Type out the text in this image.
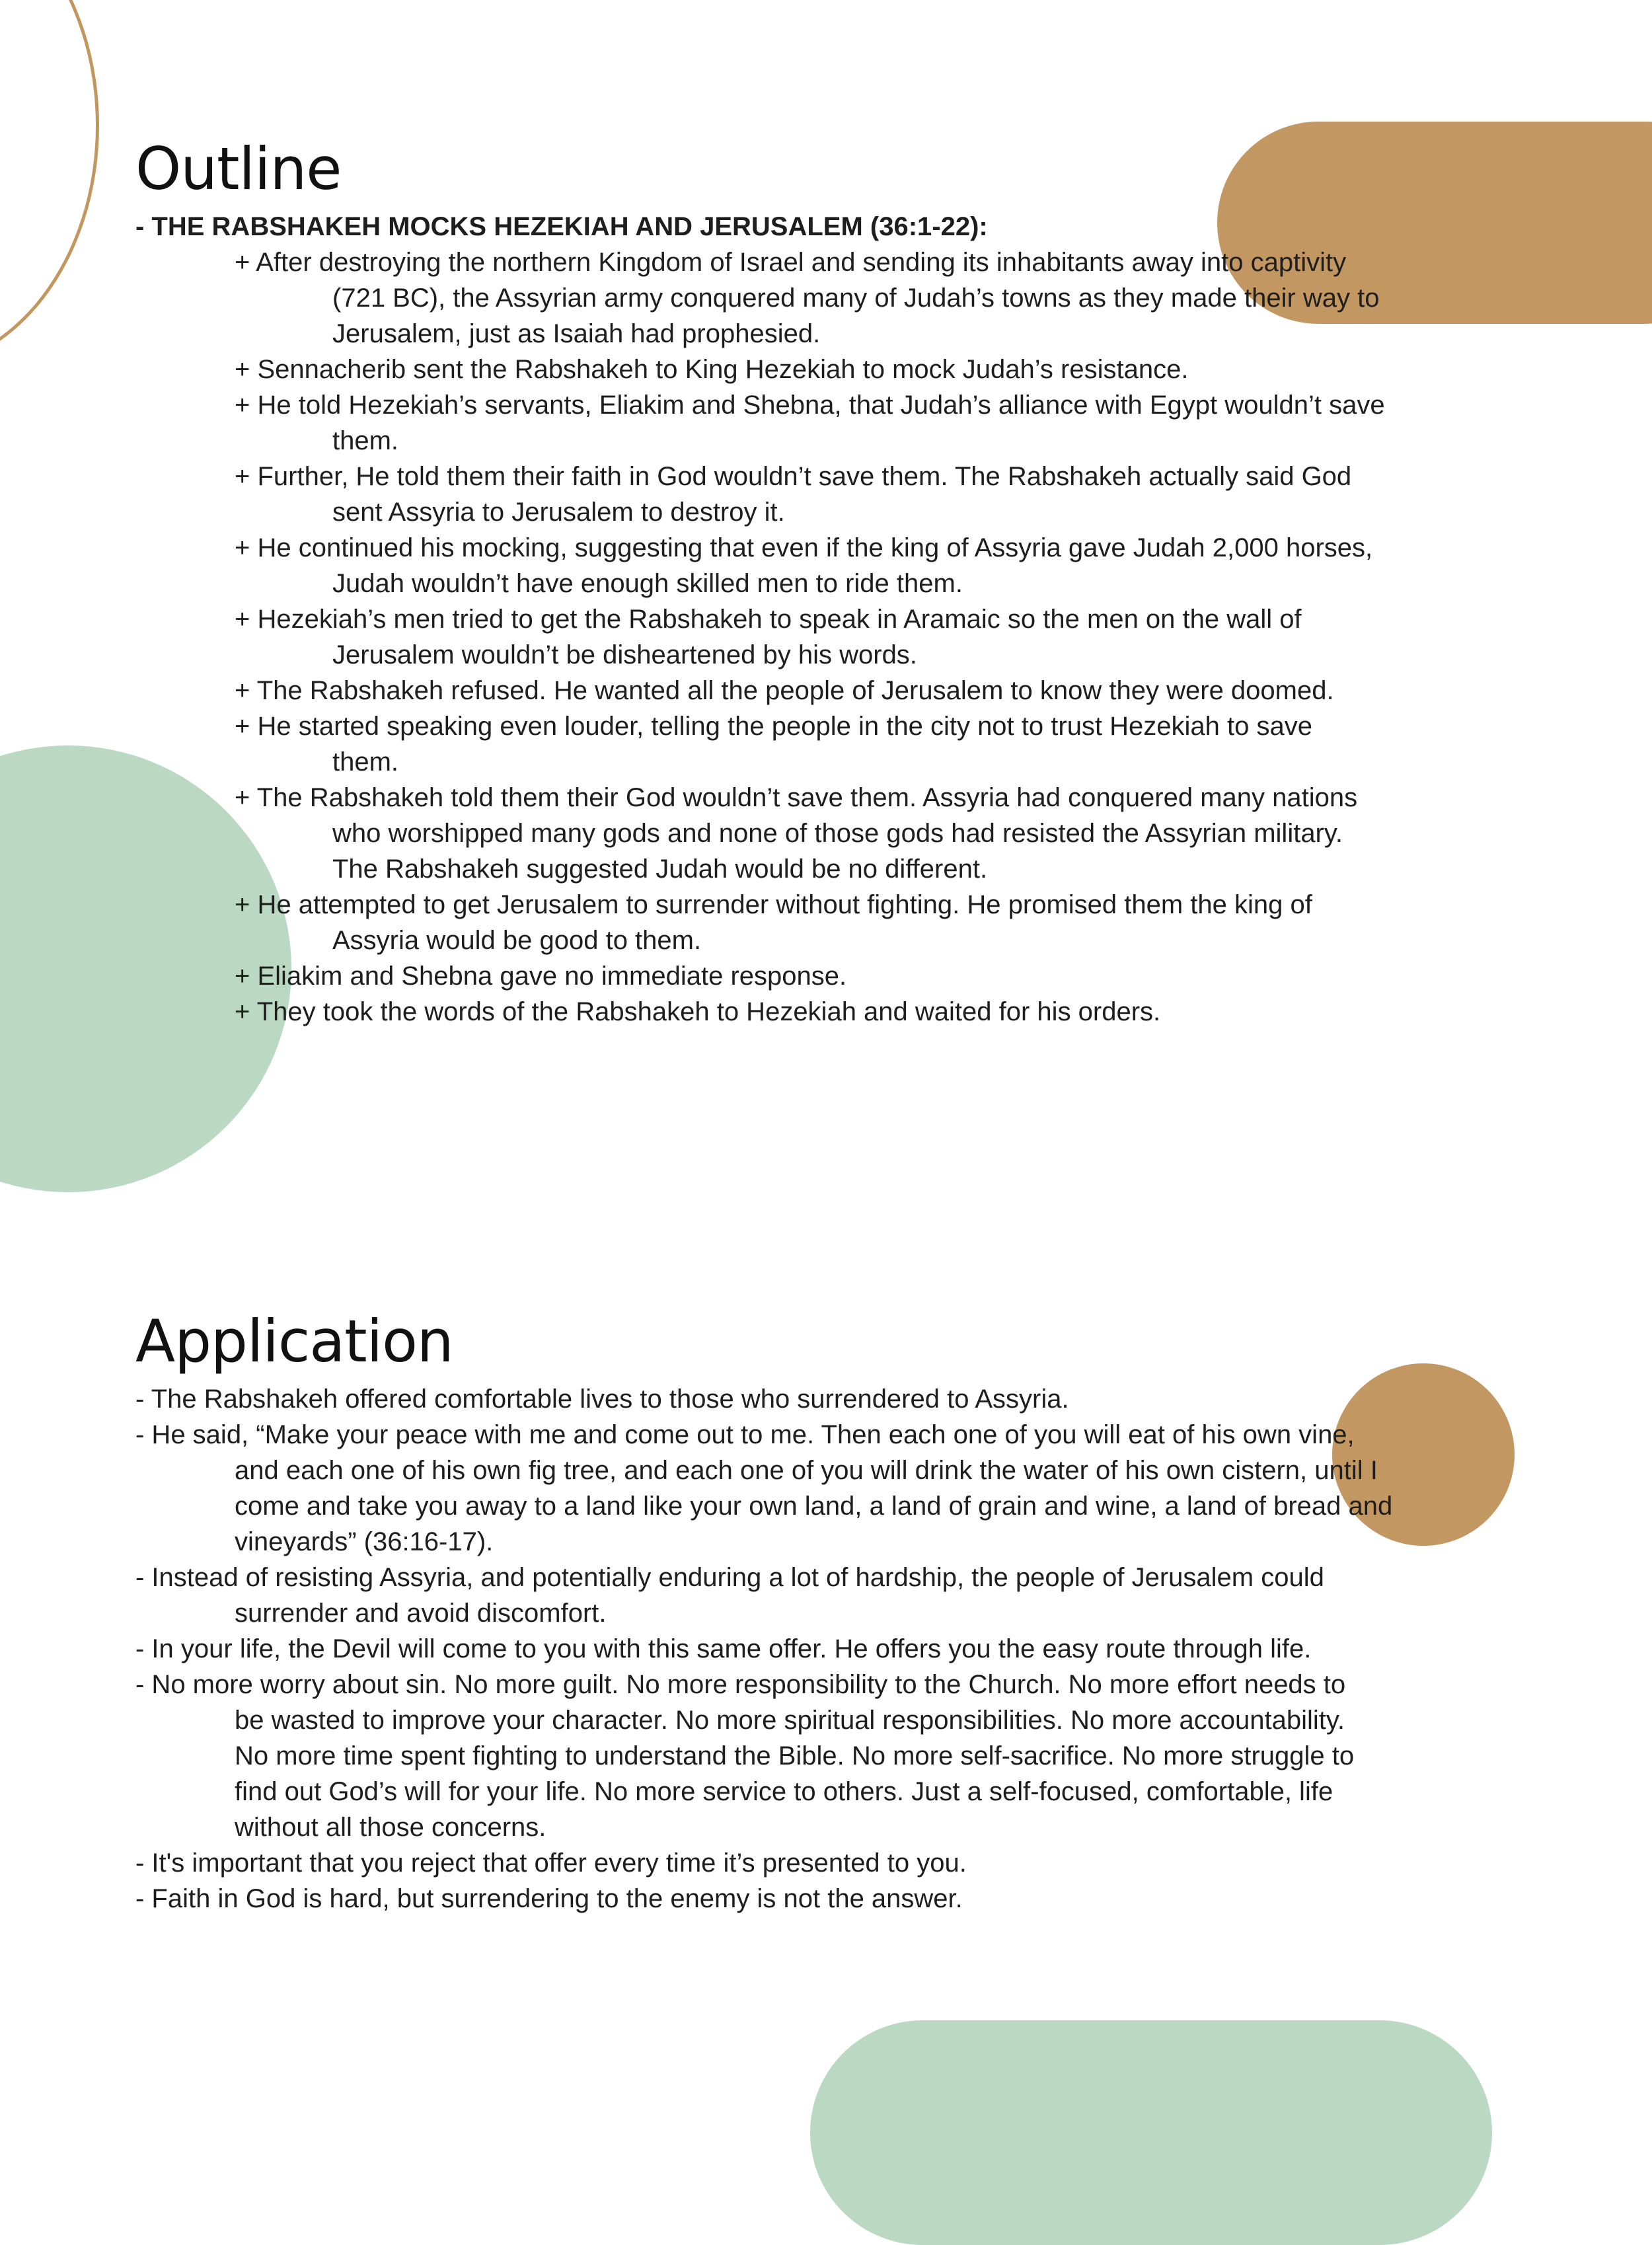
Outline

- THE RABSHAKEH MOCKS HEZEKIAH AND JERUSALEM (36:1-22):

+ After destroying the northern Kingdom of Israel and sending its inhabitants away into captivity

(721 BC), the Assyrian army conquered many of Judah’s towns as they made their way to

Jerusalem, just as Isaiah had prophesied.

+ Sennacherib sent the Rabshakeh to King Hezekiah to mock Judah’s resistance.

+ He told Hezekiah’s servants, Eliakim and Shebna, that Judah’s alliance with Egypt wouldn’t save

them.

+ Further, He told them their faith in God wouldn’t save them. The Rabshakeh actually said God

sent Assyria to Jerusalem to destroy it.

+ He continued his mocking, suggesting that even if the king of Assyria gave Judah 2,000 horses,

Judah wouldn’t have enough skilled men to ride them.

+ Hezekiah’s men tried to get the Rabshakeh to speak in Aramaic so the men on the wall of

Jerusalem wouldn’t be disheartened by his words.

+ The Rabshakeh refused. He wanted all the people of Jerusalem to know they were doomed.

+ He started speaking even louder, telling the people in the city not to trust Hezekiah to save

them.

+ The Rabshakeh told them their God wouldn’t save them. Assyria had conquered many nations

who worshipped many gods and none of those gods had resisted the Assyrian military.

The Rabshakeh suggested Judah would be no different.

+ He attempted to get Jerusalem to surrender without fighting. He promised them the king of

Assyria would be good to them.

+ Eliakim and Shebna gave no immediate response.

+ They took the words of the Rabshakeh to Hezekiah and waited for his orders.

Application

- The Rabshakeh offered comfortable lives to those who surrendered to Assyria.

- He said, “Make your peace with me and come out to me. Then each one of you will eat of his own vine,

and each one of his own fig tree, and each one of you will drink the water of his own cistern, until I

come and take you away to a land like your own land, a land of grain and wine, a land of bread and

vineyards” (36:16-17).

- Instead of resisting Assyria, and potentially enduring a lot of hardship, the people of Jerusalem could

surrender and avoid discomfort.

- In your life, the Devil will come to you with this same offer. He offers you the easy route through life.

- No more worry about sin. No more guilt. No more responsibility to the Church. No more effort needs to

be wasted to improve your character. No more spiritual responsibilities. No more accountability.

No more time spent fighting to understand the Bible. No more self-sacrifice. No more struggle to

find out God’s will for your life. No more service to others. Just a self-focused, comfortable, life

without all those concerns.

- It's important that you reject that offer every time it’s presented to you.

- Faith in God is hard, but surrendering to the enemy is not the answer.
